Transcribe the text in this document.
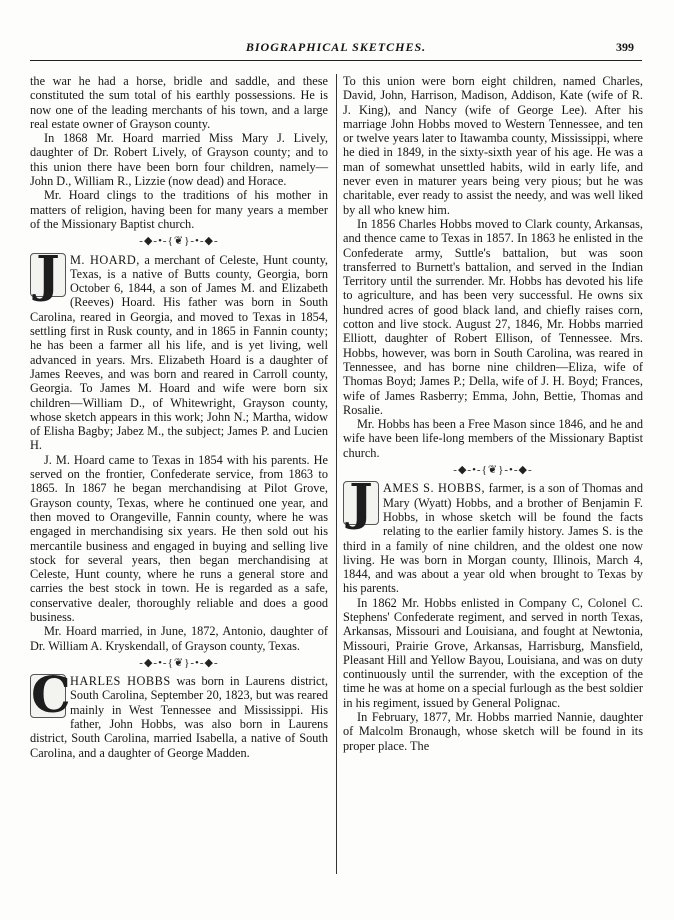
BIOGRAPHICAL SKETCHES.	399

the war he had a horse, bridle and saddle, and these constituted the sum total of his earthly possessions. He is now one of the leading merchants of his town, and a large real estate owner of Grayson county.

In 1868 Mr. Hoard married Miss Mary J. Lively, daughter of Dr. Robert Lively, of Grayson county; and to this union there have been born four children, namely—John D., William R., Lizzie (now dead) and Horace.

Mr. Hoard clings to the traditions of his mother in matters of religion, having been for many years a member of the Missionary Baptist church.

-◆-•-{❦}-•-◆-

J M. HOARD, a merchant of Celeste, Hunt county, Texas, is a native of Butts county, Georgia, born October 6, 1844, a son of James M. and Elizabeth (Reeves) Hoard. His father was born in South Carolina, reared in Georgia, and moved to Texas in 1854, settling first in Rusk county, and in 1865 in Fannin county; he has been a farmer all his life, and is yet living, well advanced in years. Mrs. Elizabeth Hoard is a daughter of James Reeves, and was born and reared in Carroll county, Georgia. To James M. Hoard and wife were born six children—William D., of Whitewright, Grayson county, whose sketch appears in this work; John N.; Martha, widow of Elisha Bagby; Jabez M., the subject; James P. and Lucien H.

J. M. Hoard came to Texas in 1854 with his parents. He served on the frontier, Confederate service, from 1863 to 1865. In 1867 he began merchandising at Pilot Grove, Grayson county, Texas, where he continued one year, and then moved to Orangeville, Fannin county, where he was engaged in merchandising six years. He then sold out his mercantile business and engaged in buying and selling live stock for several years, then began merchandising at Celeste, Hunt county, where he runs a general store and carries the best stock in town. He is regarded as a safe, conservative dealer, thoroughly reliable and does a good business.

Mr. Hoard married, in June, 1872, Antonio, daughter of Dr. William A. Kryskendall, of Grayson county, Texas.

-◆-•-{❦}-•-◆-

C HARLES HOBBS was born in Laurens district, South Carolina, September 20, 1823, but was reared mainly in West Tennessee and Mississippi. His father, John Hobbs, was also born in Laurens district, South Carolina, married Isabella, a native of South Carolina, and a daughter of George Madden.

To this union were born eight children, named Charles, David, John, Harrison, Madison, Addison, Kate (wife of R. J. King), and Nancy (wife of George Lee). After his marriage John Hobbs moved to Western Tennessee, and ten or twelve years later to Itawamba county, Mississippi, where he died in 1849, in the sixty-sixth year of his age. He was a man of somewhat unsettled habits, wild in early life, and never even in maturer years being very pious; but he was charitable, ever ready to assist the needy, and was well liked by all who knew him.

In 1856 Charles Hobbs moved to Clark county, Arkansas, and thence came to Texas in 1857. In 1863 he enlisted in the Confederate army, Suttle's battalion, but was soon transferred to Burnett's battalion, and served in the Indian Territory until the surrender. Mr. Hobbs has devoted his life to agriculture, and has been very successful. He owns six hundred acres of good black land, and chiefly raises corn, cotton and live stock. August 27, 1846, Mr. Hobbs married Elliott, daughter of Robert Ellison, of Tennessee. Mrs. Hobbs, however, was born in South Carolina, was reared in Tennessee, and has borne nine children—Eliza, wife of Thomas Boyd; James P.; Della, wife of J. H. Boyd; Frances, wife of James Rasberry; Emma, John, Bettie, Thomas and Rosalie.

Mr. Hobbs has been a Free Mason since 1846, and he and wife have been life-long members of the Missionary Baptist church.

-◆-•-{❦}-•-◆-

J AMES S. HOBBS, farmer, is a son of Thomas and Mary (Wyatt) Hobbs, and a brother of Benjamin F. Hobbs, in whose sketch will be found the facts relating to the earlier family history. James S. is the third in a family of nine children, and the oldest one now living. He was born in Morgan county, Illinois, March 4, 1844, and was about a year old when brought to Texas by his parents.

In 1862 Mr. Hobbs enlisted in Company C, Colonel C. Stephens' Confederate regiment, and served in north Texas, Arkansas, Missouri and Louisiana, and fought at Newtonia, Missouri, Prairie Grove, Arkansas, Harrisburg, Mansfield, Pleasant Hill and Yellow Bayou, Louisiana, and was on duty continuously until the surrender, with the exception of the time he was at home on a special furlough as the best soldier in his regiment, issued by General Polignac.

In February, 1877, Mr. Hobbs married Nannie, daughter of Malcolm Bronaugh, whose sketch will be found in its proper place. The
